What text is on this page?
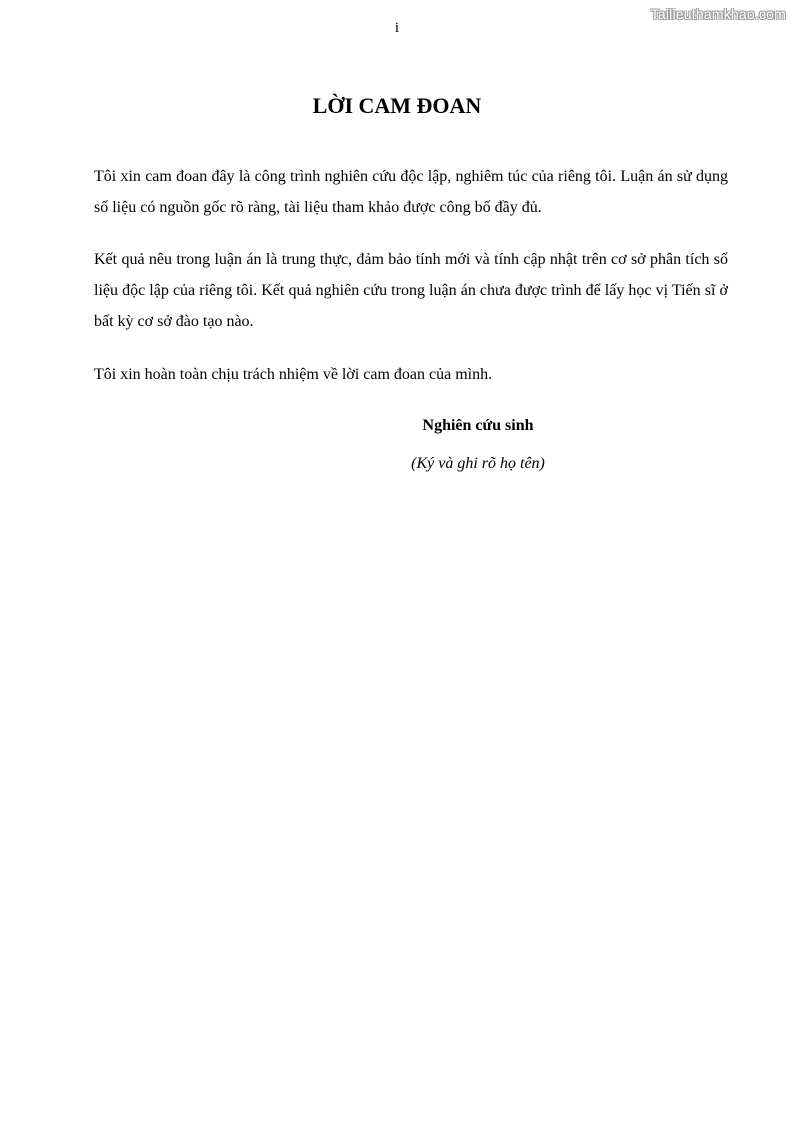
Tailieuthamkhao.com
i
LỜI CAM ĐOAN

Tôi xin cam đoan đây là công trình nghiên cứu độc lập, nghiêm túc của riêng tôi. Luận án sử dụng số liệu có nguồn gốc rõ ràng, tài liệu tham khảo được công bố đầy đủ.

Kết quả nêu trong luận án là trung thực, đảm bảo tính mới và tính cập nhật trên cơ sở phân tích số liệu độc lập của riêng tôi. Kết quả nghiên cứu trong luận án chưa được trình để lấy học vị Tiến sĩ ở bất kỳ cơ sở đào tạo nào.

Tôi xin hoàn toàn chịu trách nhiệm về lời cam đoan của mình.

Nghiên cứu sinh
(Ký và ghi rõ họ tên)
